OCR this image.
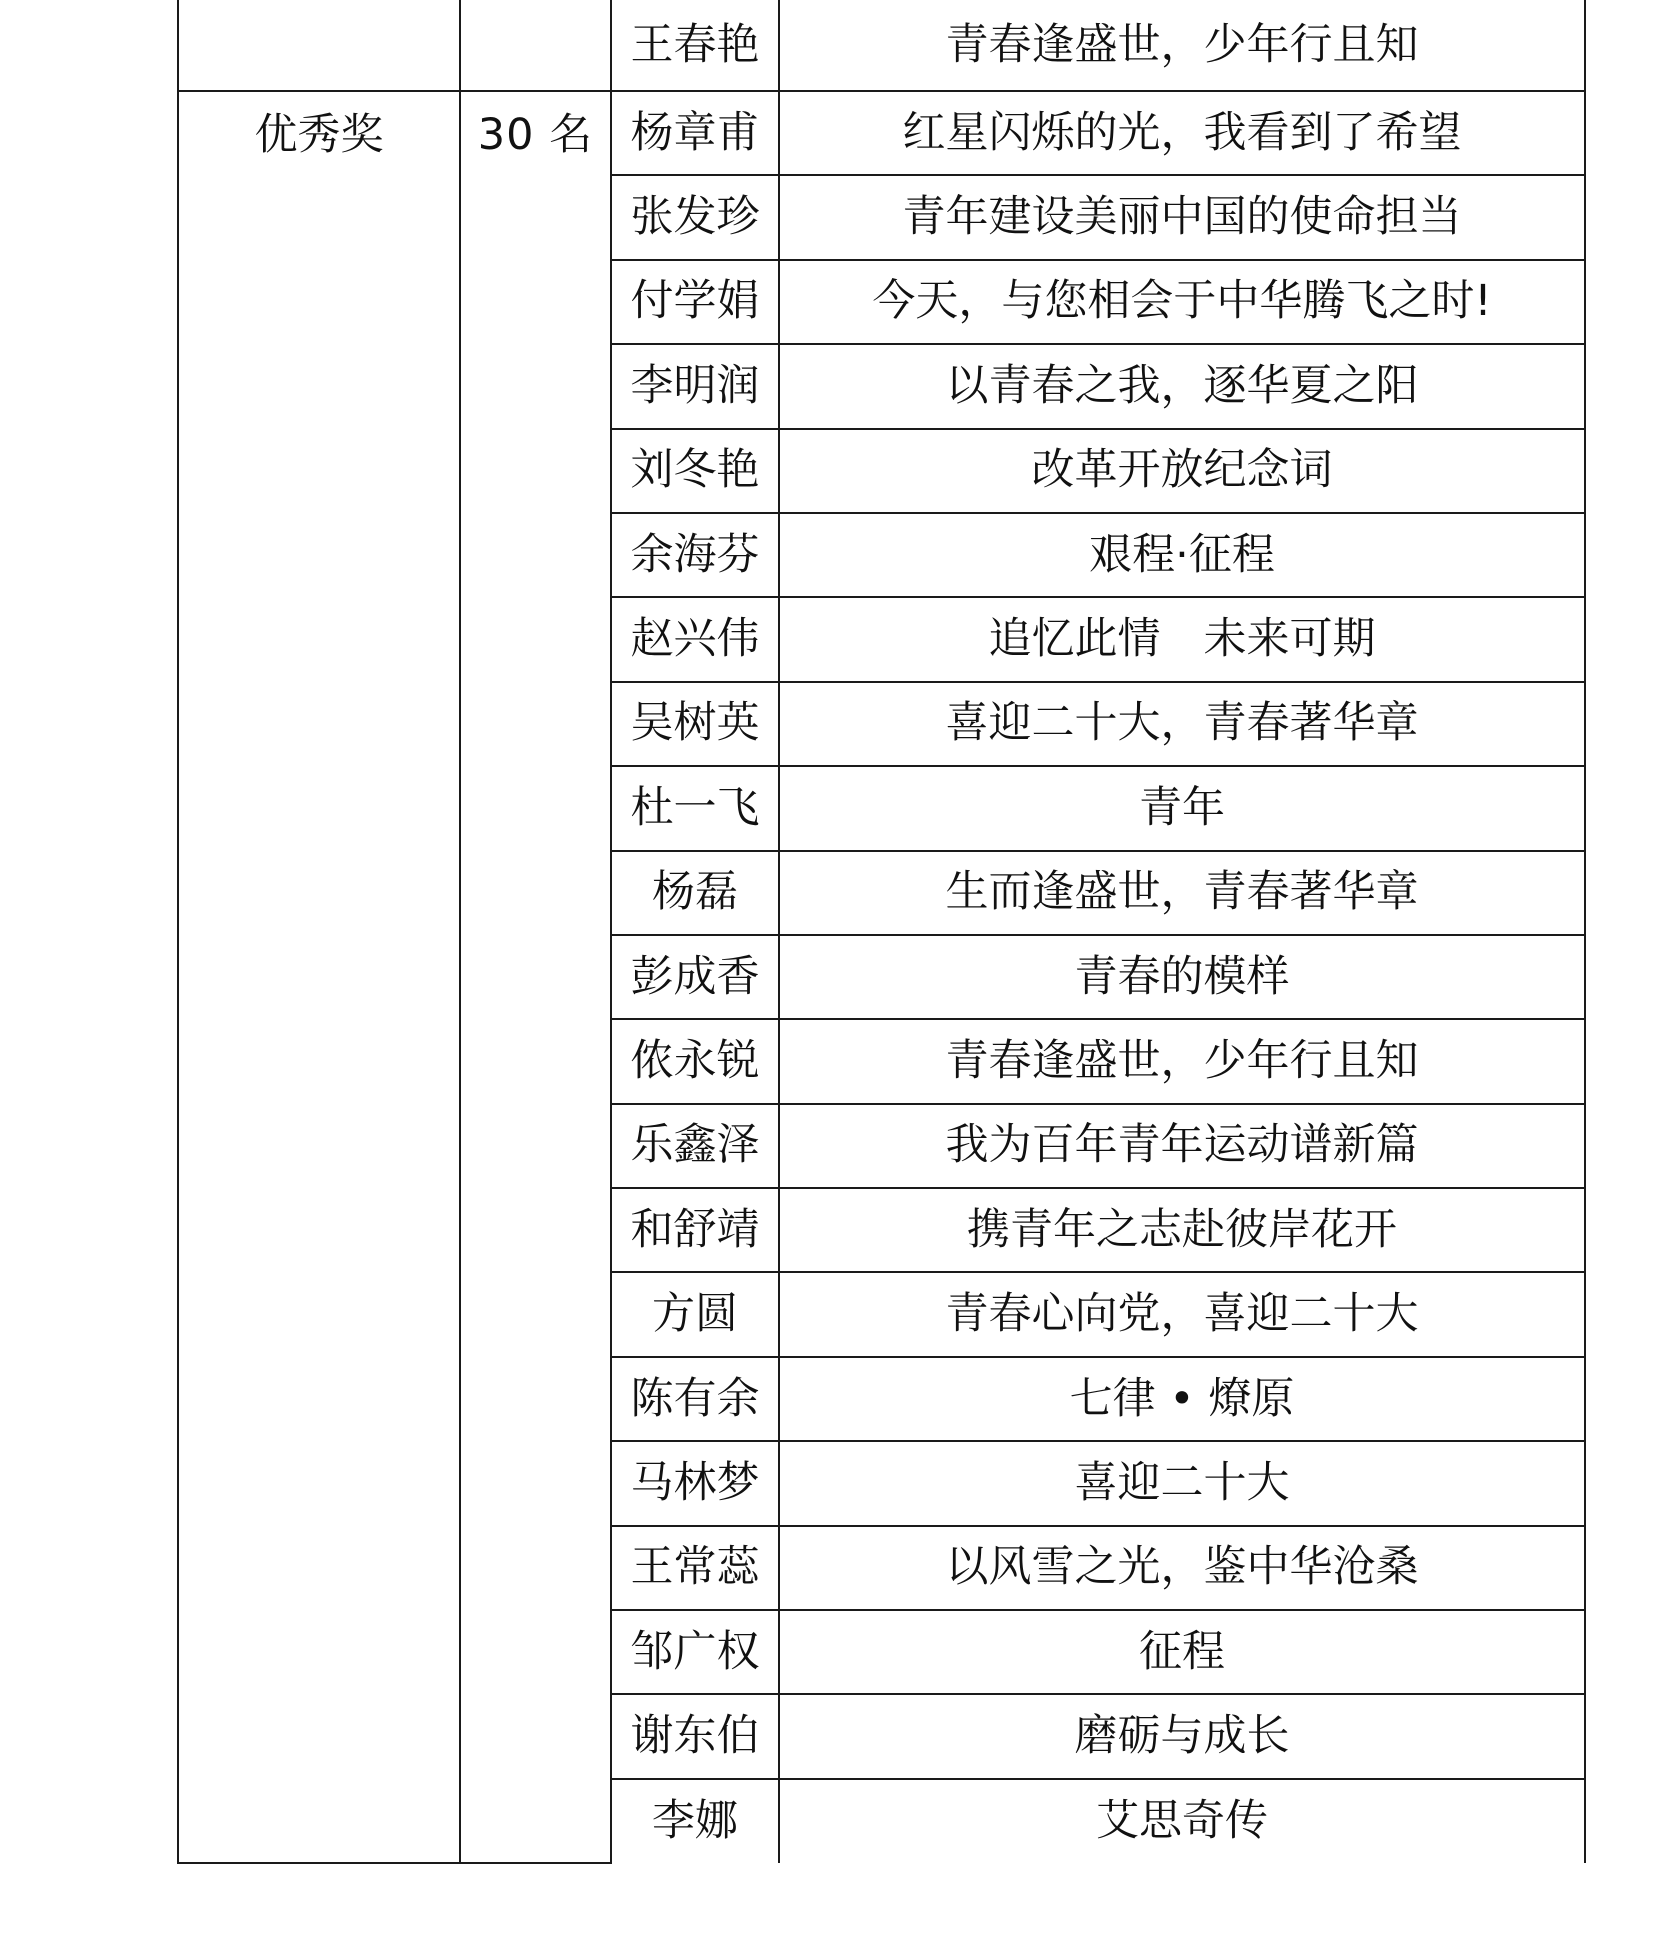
		王春艳	青春逢盛世，少年行且知
优秀奖	30 名	杨章甫	红星闪烁的光，我看到了希望
		张发珍	青年建设美丽中国的使命担当
		付学娟	今天，与您相会于中华腾飞之时!
		李明润	以青春之我，逐华夏之阳
		刘冬艳	改革开放纪念词
		余海芬	艰程·征程
		赵兴伟	追忆此情　未来可期
		吴树英	喜迎二十大，青春著华章
		杜一飞	青年
		杨磊	生而逢盛世，青春著华章
		彭成香	青春的模样
		侬永锐	青春逢盛世，少年行且知
		乐鑫泽	我为百年青年运动谱新篇
		和舒靖	携青年之志赴彼岸花开
		方圆	青春心向党，喜迎二十大
		陈有余	七律 • 燎原
		马林梦	喜迎二十大
		王常蕊	以风雪之光，鉴中华沧桑
		邹广权	征程
		谢东伯	磨砺与成长
		李娜	艾思奇传
